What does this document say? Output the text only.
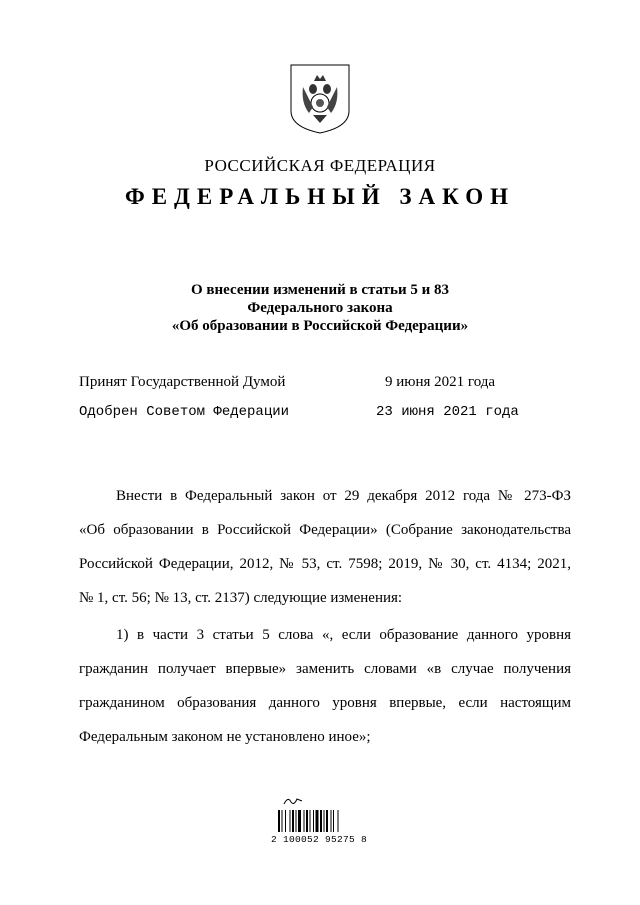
РОССИЙСКАЯ ФЕДЕРАЦИЯ
ФЕДЕРАЛЬНЫЙ ЗАКОН
О внесении изменений в статьи 5 и 83
Федерального закона
«Об образовании в Российской Федерации»
Принят Государственной Думой	9 июня 2021 года
Одобрен Советом Федерации	23 июня 2021 года
Внести в Федеральный закон от 29 декабря 2012 года № 273-ФЗ
«Об образовании в Российской Федерации» (Собрание законодательства
Российской Федерации, 2012, № 53, ст. 7598; 2019, № 30, ст. 4134; 2021,
№ 1, ст. 56; № 13, ст. 2137) следующие изменения:
1) в части 3 статьи 5 слова «, если образование данного уровня
гражданин получает впервые» заменить словами «в случае получения
гражданином образования данного уровня впервые, если настоящим
Федеральным законом не установлено иное»;
2 100052 95275 8
